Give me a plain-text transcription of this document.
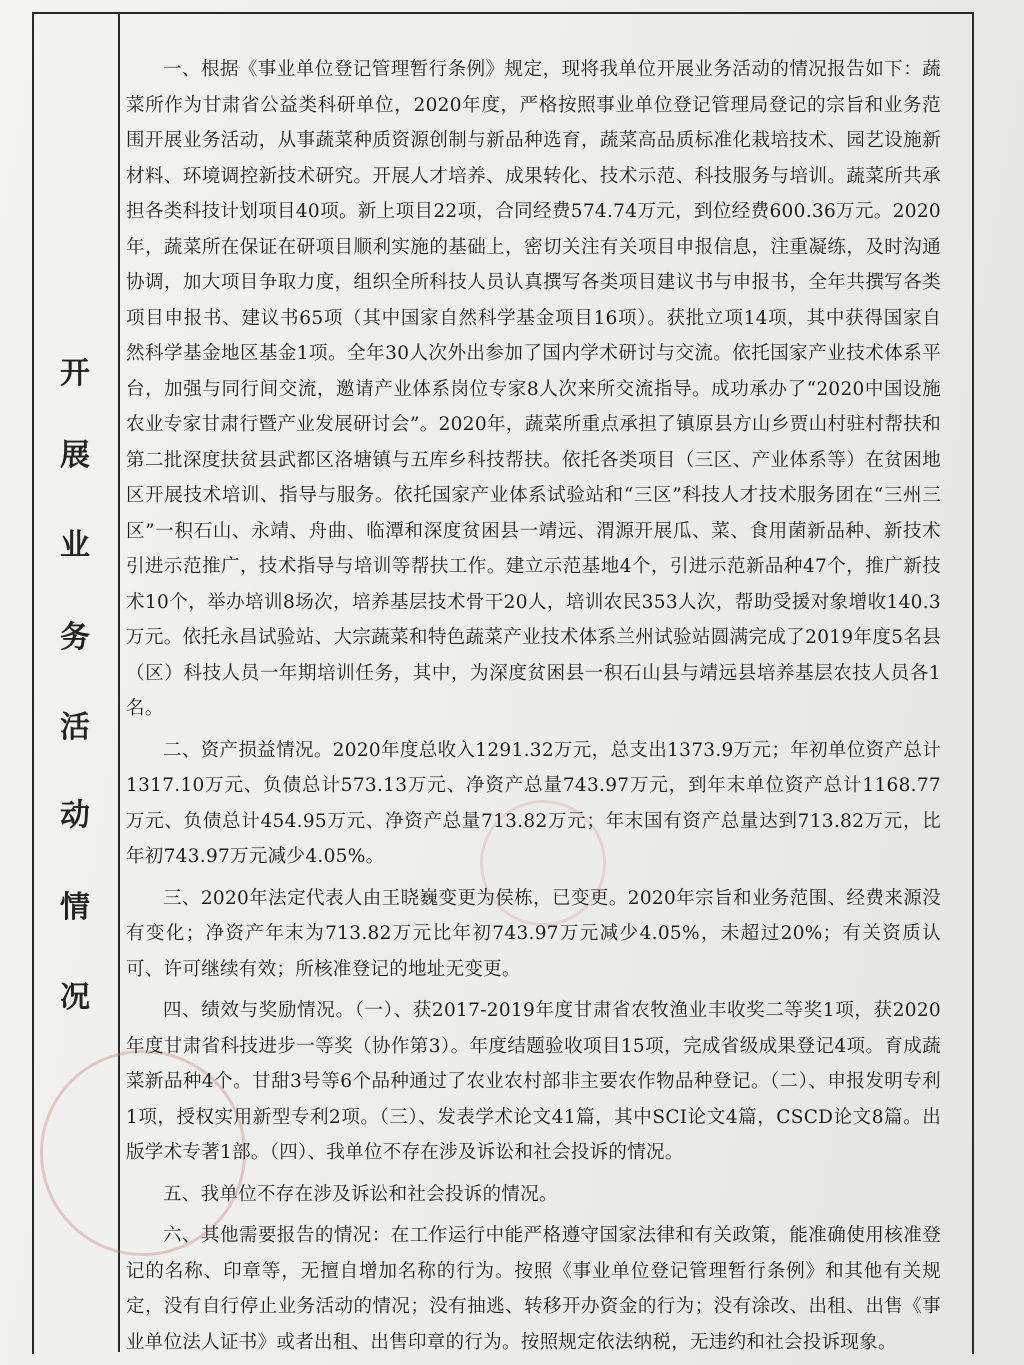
开
展
业
务
活
动
情
况

一、根据《事业单位登记管理暂行条例》规定，现将我单位开展业务活动的情况报告如下：蔬菜所作为甘肃省公益类科研单位，2020年度，严格按照事业单位登记管理局登记的宗旨和业务范围开展业务活动，从事蔬菜种质资源创制与新品种选育，蔬菜高品质标准化栽培技术、园艺设施新材料、环境调控新技术研究。开展人才培养、成果转化、技术示范、科技服务与培训。蔬菜所共承担各类科技计划项目40项。新上项目22项，合同经费574.74万元，到位经费600.36万元。2020年，蔬菜所在保证在研项目顺利实施的基础上，密切关注有关项目申报信息，注重凝练，及时沟通协调，加大项目争取力度，组织全所科技人员认真撰写各类项目建议书与申报书，全年共撰写各类项目申报书、建议书65项（其中国家自然科学基金项目16项）。获批立项14项，其中获得国家自然科学基金地区基金1项。全年30人次外出参加了国内学术研讨与交流。依托国家产业技术体系平台，加强与同行间交流，邀请产业体系岗位专家8人次来所交流指导。成功承办了“2020中国设施农业专家甘肃行暨产业发展研讨会”。2020年，蔬菜所重点承担了镇原县方山乡贾山村驻村帮扶和第二批深度扶贫县武都区洛塘镇与五库乡科技帮扶。依托各类项目（三区、产业体系等）在贫困地区开展技术培训、指导与服务。依托国家产业体系试验站和“三区”科技人才技术服务团在“三州三区”一积石山、永靖、舟曲、临潭和深度贫困县一靖远、渭源开展瓜、菜、食用菌新品种、新技术引进示范推广，技术指导与培训等帮扶工作。建立示范基地4个，引进示范新品种47个，推广新技术10个，举办培训8场次，培养基层技术骨干20人，培训农民353人次，帮助受援对象增收140.3万元。依托永昌试验站、大宗蔬菜和特色蔬菜产业技术体系兰州试验站圆满完成了2019年度5名县（区）科技人员一年期培训任务，其中，为深度贫困县一积石山县与靖远县培养基层农技人员各1名。

二、资产损益情况。2020年度总收入1291.32万元，总支出1373.9万元；年初单位资产总计1317.10万元、负债总计573.13万元、净资产总量743.97万元，到年末单位资产总计1168.77万元、负债总计454.95万元、净资产总量713.82万元；年末国有资产总量达到713.82万元，比年初743.97万元减少4.05%。

三、2020年法定代表人由王晓巍变更为侯栋，已变更。2020年宗旨和业务范围、经费来源没有变化；净资产年末为713.82万元比年初743.97万元减少4.05%，未超过20%；有关资质认可、许可继续有效；所核准登记的地址无变更。

四、绩效与奖励情况。（一）、获2017-2019年度甘肃省农牧渔业丰收奖二等奖1项，获2020年度甘肃省科技进步一等奖（协作第3）。年度结题验收项目15项，完成省级成果登记4项。育成蔬菜新品种4个。甘甜3号等6个品种通过了农业农村部非主要农作物品种登记。（二）、申报发明专利1项，授权实用新型专利2项。（三）、发表学术论文41篇，其中SCI论文4篇，CSCD论文8篇。出版学术专著1部。（四）、我单位不存在涉及诉讼和社会投诉的情况。

五、我单位不存在涉及诉讼和社会投诉的情况。

六、其他需要报告的情况：在工作运行中能严格遵守国家法律和有关政策，能准确使用核准登记的名称、印章等，无擅自增加名称的行为。按照《事业单位登记管理暂行条例》和其他有关规定，没有自行停止业务活动的情况；没有抽逃、转移开办资金的行为；没有涂改、出租、出售《事业单位法人证书》或者出租、出售印章的行为。按照规定依法纳税，无违约和社会投诉现象。
